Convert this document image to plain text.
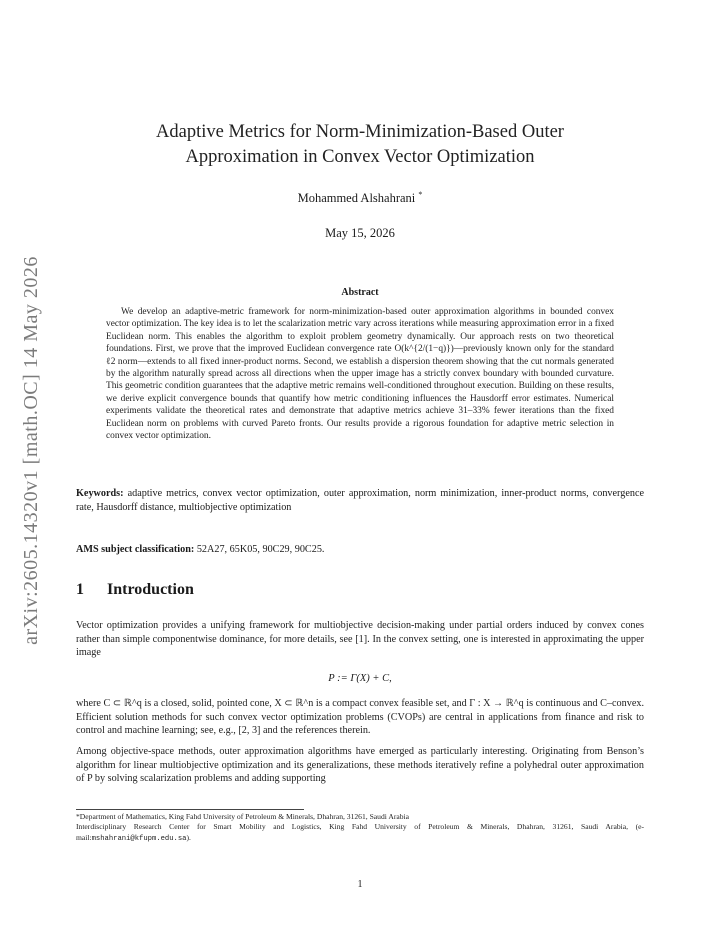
arXiv:2605.14320v1 [math.OC] 14 May 2026
Adaptive Metrics for Norm-Minimization-Based Outer
Approximation in Convex Vector Optimization
Mohammed Alshahrani *
May 15, 2026
Abstract

We develop an adaptive-metric framework for norm-minimization-based outer approximation algorithms in bounded convex vector optimization. The key idea is to let the scalarization metric vary across iterations while measuring approximation error in a fixed Euclidean norm. This enables the algorithm to exploit problem geometry dynamically. Our approach rests on two theoretical foundations. First, we prove that the improved Euclidean convergence rate O(k^{2/(1−q)})—previously known only for the standard ℓ2 norm—extends to all fixed inner-product norms. Second, we establish a dispersion theorem showing that the cut normals generated by the algorithm naturally spread across all directions when the upper image has a strictly convex boundary with bounded curvature. This geometric condition guarantees that the adaptive metric remains well-conditioned throughout execution. Building on these results, we derive explicit convergence bounds that quantify how metric conditioning influences the Hausdorff error estimates. Numerical experiments validate the theoretical rates and demonstrate that adaptive metrics achieve 31–33% fewer iterations than the fixed Euclidean norm on problems with curved Pareto fronts. Our results provide a rigorous foundation for adaptive metric selection in convex vector optimization.

Keywords: adaptive metrics, convex vector optimization, outer approximation, norm minimization, inner-product norms, convergence rate, Hausdorff distance, multiobjective optimization
AMS subject classification: 52A27, 65K05, 90C29, 90C25.
1 Introduction

Vector optimization provides a unifying framework for multiobjective decision-making under partial orders induced by convex cones rather than simple componentwise dominance, for more details, see [1]. In the convex setting, one is interested in approximating the upper image

P := Γ(X) + C,

where C ⊂ ℝ^q is a closed, solid, pointed cone, X ⊂ ℝ^n is a compact convex feasible set, and Γ : X → ℝ^q is continuous and C–convex. Efficient solution methods for such convex vector optimization problems (CVOPs) are central in applications from finance and risk to control and machine learning; see, e.g., [2, 3] and the references therein.

Among objective-space methods, outer approximation algorithms have emerged as particularly interesting. Originating from Benson’s algorithm for linear multiobjective optimization and its generalizations, these methods iteratively refine a polyhedral outer approximation of P by solving scalarization problems and adding supporting

*Department of Mathematics, King Fahd University of Petroleum & Minerals, Dhahran, 31261, Saudi Arabia

Interdisciplinary Research Center for Smart Mobility and Logistics, King Fahd University of Petroleum & Minerals, Dhahran, 31261, Saudi Arabia, (e-mail:mshahrani@kfupm.edu.sa).

1
